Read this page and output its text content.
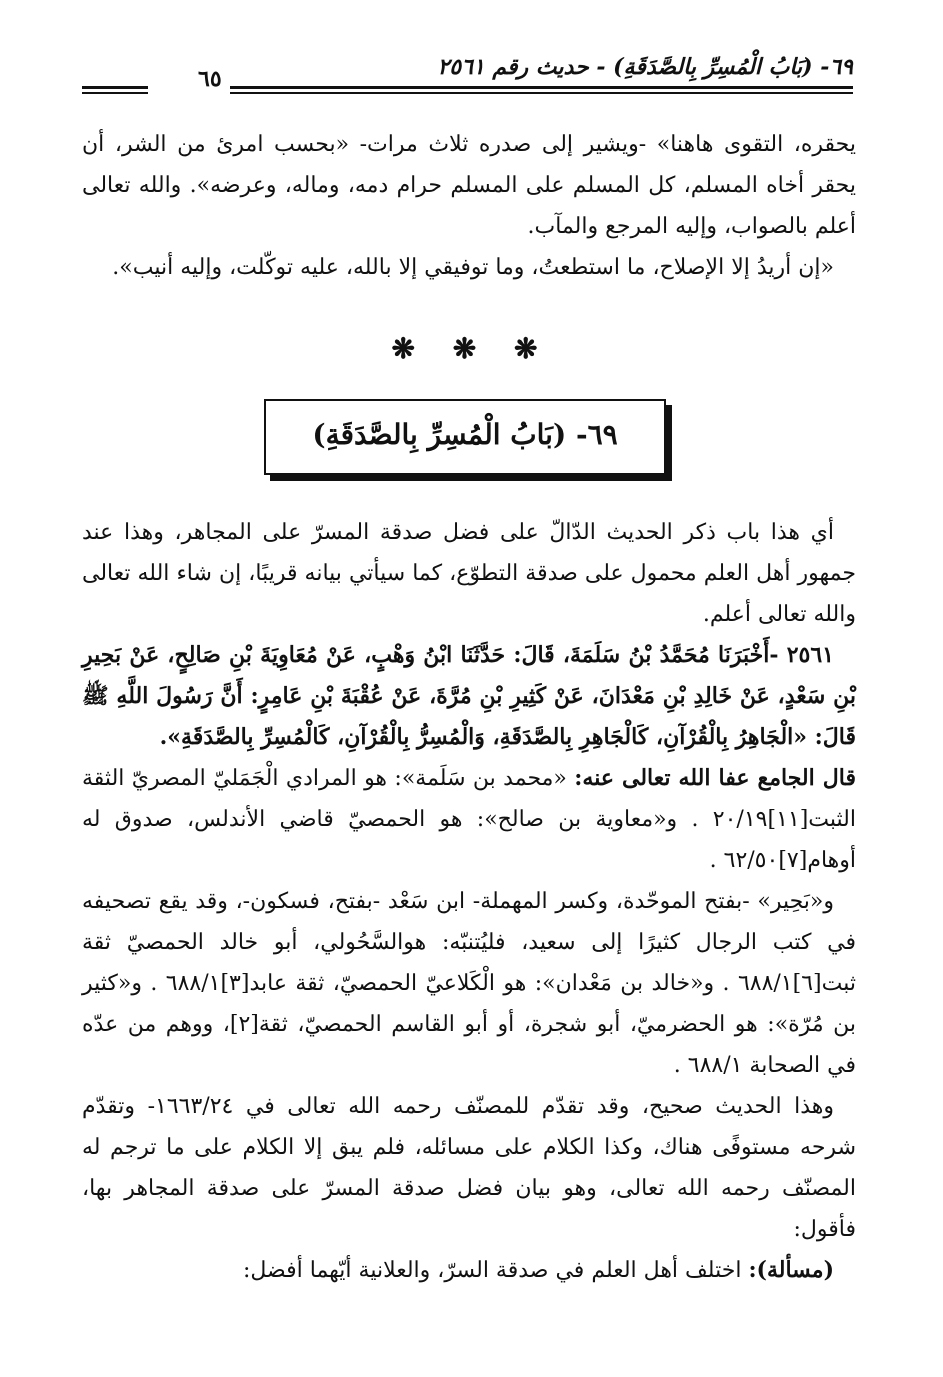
٦٩- (بَابُ الْمُسِرِّ بِالصَّدَقَةِ) - حديث رقم ٢٥٦١
٦٥

يحقره، التقوى هاهنا» -ويشير إلى صدره ثلاث مرات- «بحسب امرئ من الشر، أن يحقر أخاه المسلم، كل المسلم على المسلم حرام دمه، وماله، وعرضه». والله تعالى أعلم بالصواب، وإليه المرجع والمآب.

«إن أريدُ إلا الإصلاح، ما استطعتُ، وما توفيقي إلا بالله، عليه توكّلت، وإليه أنيب».

❋ ❋ ❋
٦٩- (بَابُ الْمُسِرِّ بِالصَّدَقَةِ)

أي هذا باب ذكر الحديث الدّالّ على فضل صدقة المسرّ على المجاهر، وهذا عند جمهور أهل العلم محمول على صدقة التطوّع، كما سيأتي بيانه قريبًا، إن شاء الله تعالى والله تعالى أعلم.

٢٥٦١ -أَخْبَرَنَا مُحَمَّدُ بْنُ سَلَمَةَ، قَالَ: حَدَّثَنَا ابْنُ وَهْبٍ، عَنْ مُعَاوِيَةَ بْنِ صَالِحٍ، عَنْ بَحِيرِ بْنِ سَعْدٍ، عَنْ خَالِدِ بْنِ مَعْدَانَ، عَنْ كَثِيرِ بْنِ مُرَّةَ، عَنْ عُقْبَةَ بْنِ عَامِرٍ: أَنَّ رَسُولَ اللَّهِ ﷺ قَالَ: «الْجَاهِرُ بِالْقُرْآنِ، كَالْجَاهِرِ بِالصَّدَقَةِ، وَالْمُسِرُّ بِالْقُرْآنِ، كَالْمُسِرِّ بِالصَّدَقَةِ».

قال الجامع عفا الله تعالى عنه: «محمد بن سَلَمة»: هو المرادي الْجَمَليّ المصريّ الثقة الثبت[١١]٢٠/١٩ . و«معاوية بن صالح»: هو الحمصيّ قاضي الأندلس، صدوق له أوهام[٧]٦٢/٥٠ .

و«بَحِير» -بفتح الموحّدة، وكسر المهملة- ابن سَعْد -بفتح، فسكون-، وقد يقع تصحيفه في كتب الرجال كثيرًا إلى سعيد، فليُتنبّه: هوالسَّحُولي، أبو خالد الحمصيّ ثقة ثبت[٦]٦٨٨/١ . و«خالد بن مَعْدان»: هو الْكَلاعيّ الحمصيّ، ثقة عابد[٣]٦٨٨/١ . و«كثير بن مُرّة»: هو الحضرميّ، أبو شجرة، أو أبو القاسم الحمصيّ، ثقة[٢]، ووهم من عدّه في الصحابة ٦٨٨/١ .

وهذا الحديث صحيح، وقد تقدّم للمصنّف رحمه الله تعالى في ١٦٦٣/٢٤- وتقدّم شرحه مستوفًى هناك، وكذا الكلام على مسائله، فلم يبق إلا الكلام على ما ترجم له المصنّف رحمه الله تعالى، وهو بيان فضل صدقة المسرّ على صدقة المجاهر بها، فأقول:

(مسألة): اختلف أهل العلم في صدقة السرّ، والعلانية أيّهما أفضل:
